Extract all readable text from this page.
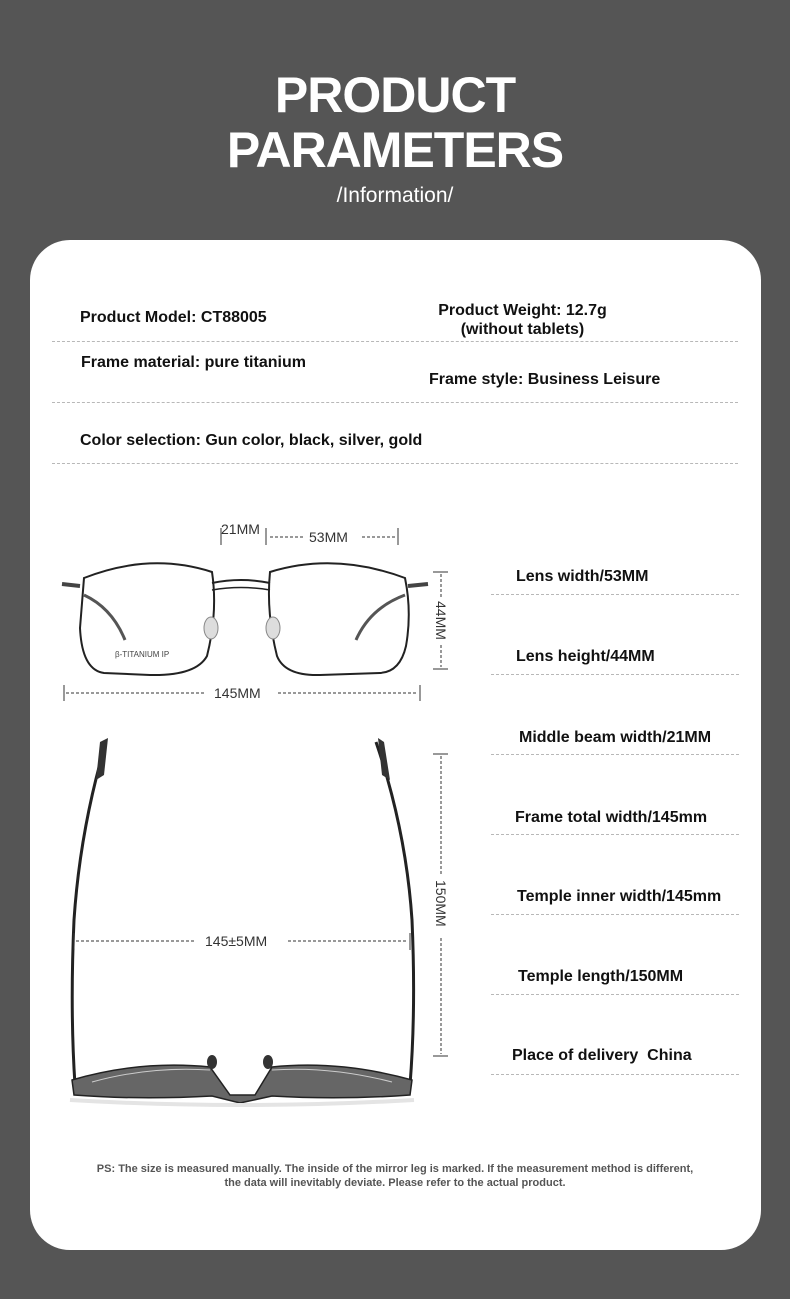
PRODUCT
PARAMETERS
/Information/
Product Model: CT88005	Product Weight: 12.7g
(without tablets)
Frame material: pure titanium
Frame style: Business Leisure
Color selection: Gun color, black, silver, gold
β-TITANIUM IP
21MM	53MM
44MM
145MM
145±5MM
150MM
Lens width/53MM
Lens height/44MM
Middle beam width/21MM
Frame total width/145mm
Temple inner width/145mm
Temple length/150MM
Place of delivery  China
PS: The size is measured manually. The inside of the mirror leg is marked. If the measurement method is different,
the data will inevitably deviate. Please refer to the actual product.
